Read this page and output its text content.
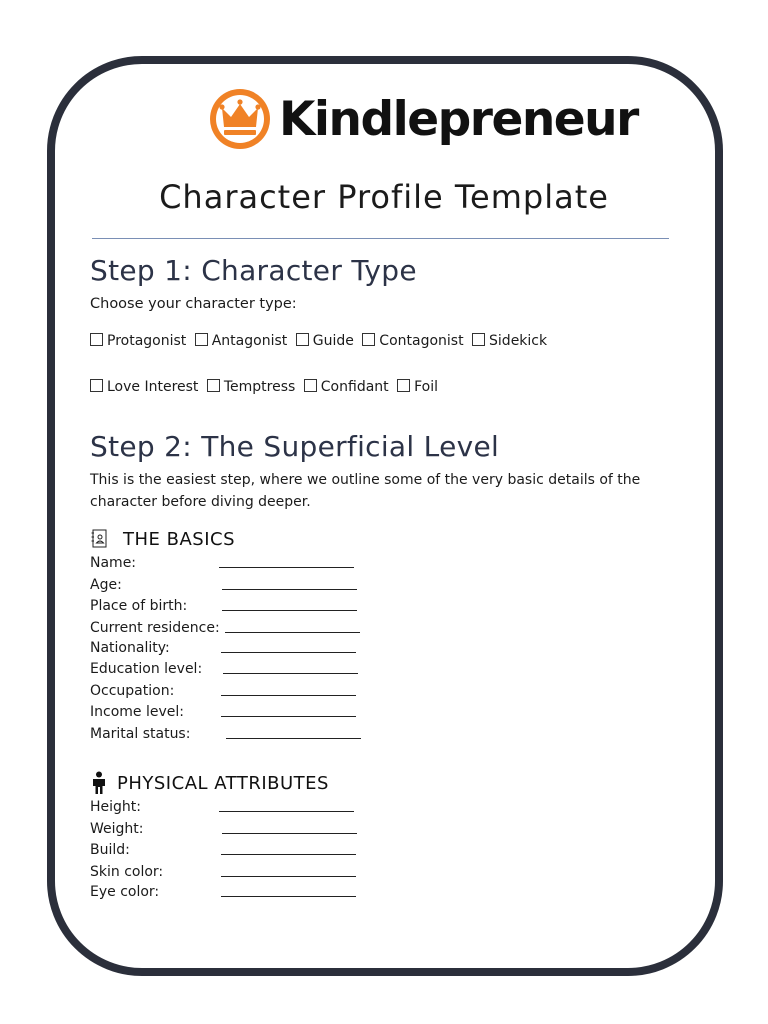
Kindlepreneur
Character Profile Template
Step 1: Character Type
Choose your character type:
Protagonist Antagonist Guide Contagonist Sidekick
Love Interest Temptress Confidant Foil
Step 2: The Superficial Level
This is the easiest step, where we outline some of the very basic details of the
character before diving deeper.
THE BASICS
Name:
Age:
Place of birth:
Current residence:
Nationality:
Education level:
Occupation:
Income level:
Marital status:
PHYSICAL ATTRIBUTES
Height:
Weight:
Build:
Skin color:
Eye color:
